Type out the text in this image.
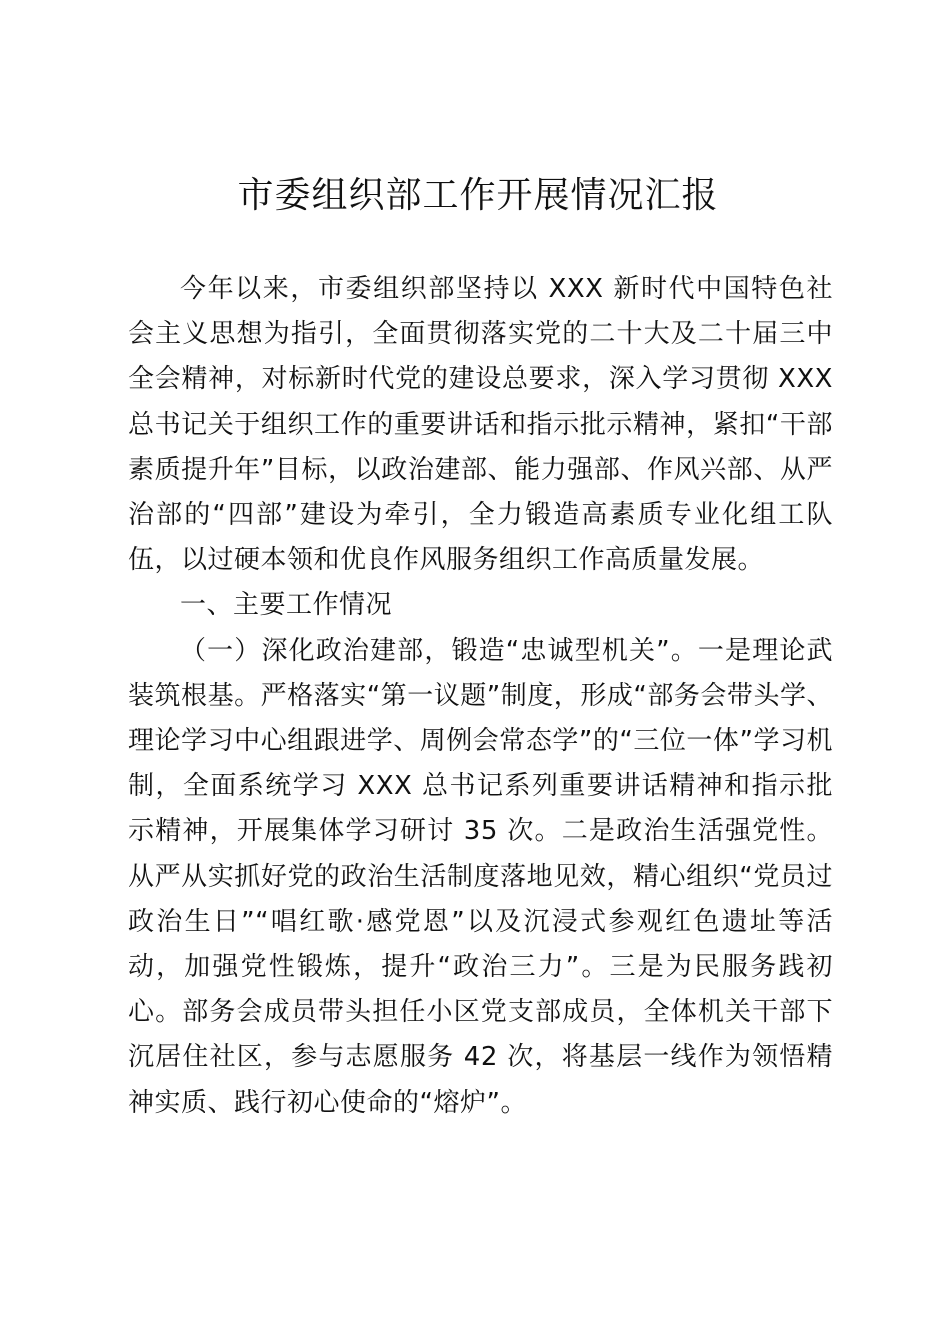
市委组织部工作开展情况汇报

今年以来，市委组织部坚持以 XXX 新时代中国特色社会主义思想为指引，全面贯彻落实党的二十大及二十届三中全会精神，对标新时代党的建设总要求，深入学习贯彻 XXX 总书记关于组织工作的重要讲话和指示批示精神，紧扣“干部素质提升年”目标，以政治建部、能力强部、作风兴部、从严治部的“四部”建设为牵引，全力锻造高素质专业化组工队伍，以过硬本领和优良作风服务组织工作高质量发展。

一、主要工作情况

（一）深化政治建部，锻造“忠诚型机关”。一是理论武装筑根基。严格落实“第一议题”制度，形成“部务会带头学、理论学习中心组跟进学、周例会常态学”的“三位一体”学习机制，全面系统学习 XXX 总书记系列重要讲话精神和指示批示精神，开展集体学习研讨 35 次。二是政治生活强党性。从严从实抓好党的政治生活制度落地见效，精心组织“党员过政治生日”“唱红歌·感党恩”以及沉浸式参观红色遗址等活动，加强党性锻炼，提升“政治三力”。三是为民服务践初心。部务会成员带头担任小区党支部成员，全体机关干部下沉居住社区，参与志愿服务 42 次，将基层一线作为领悟精神实质、践行初心使命的“熔炉”。
